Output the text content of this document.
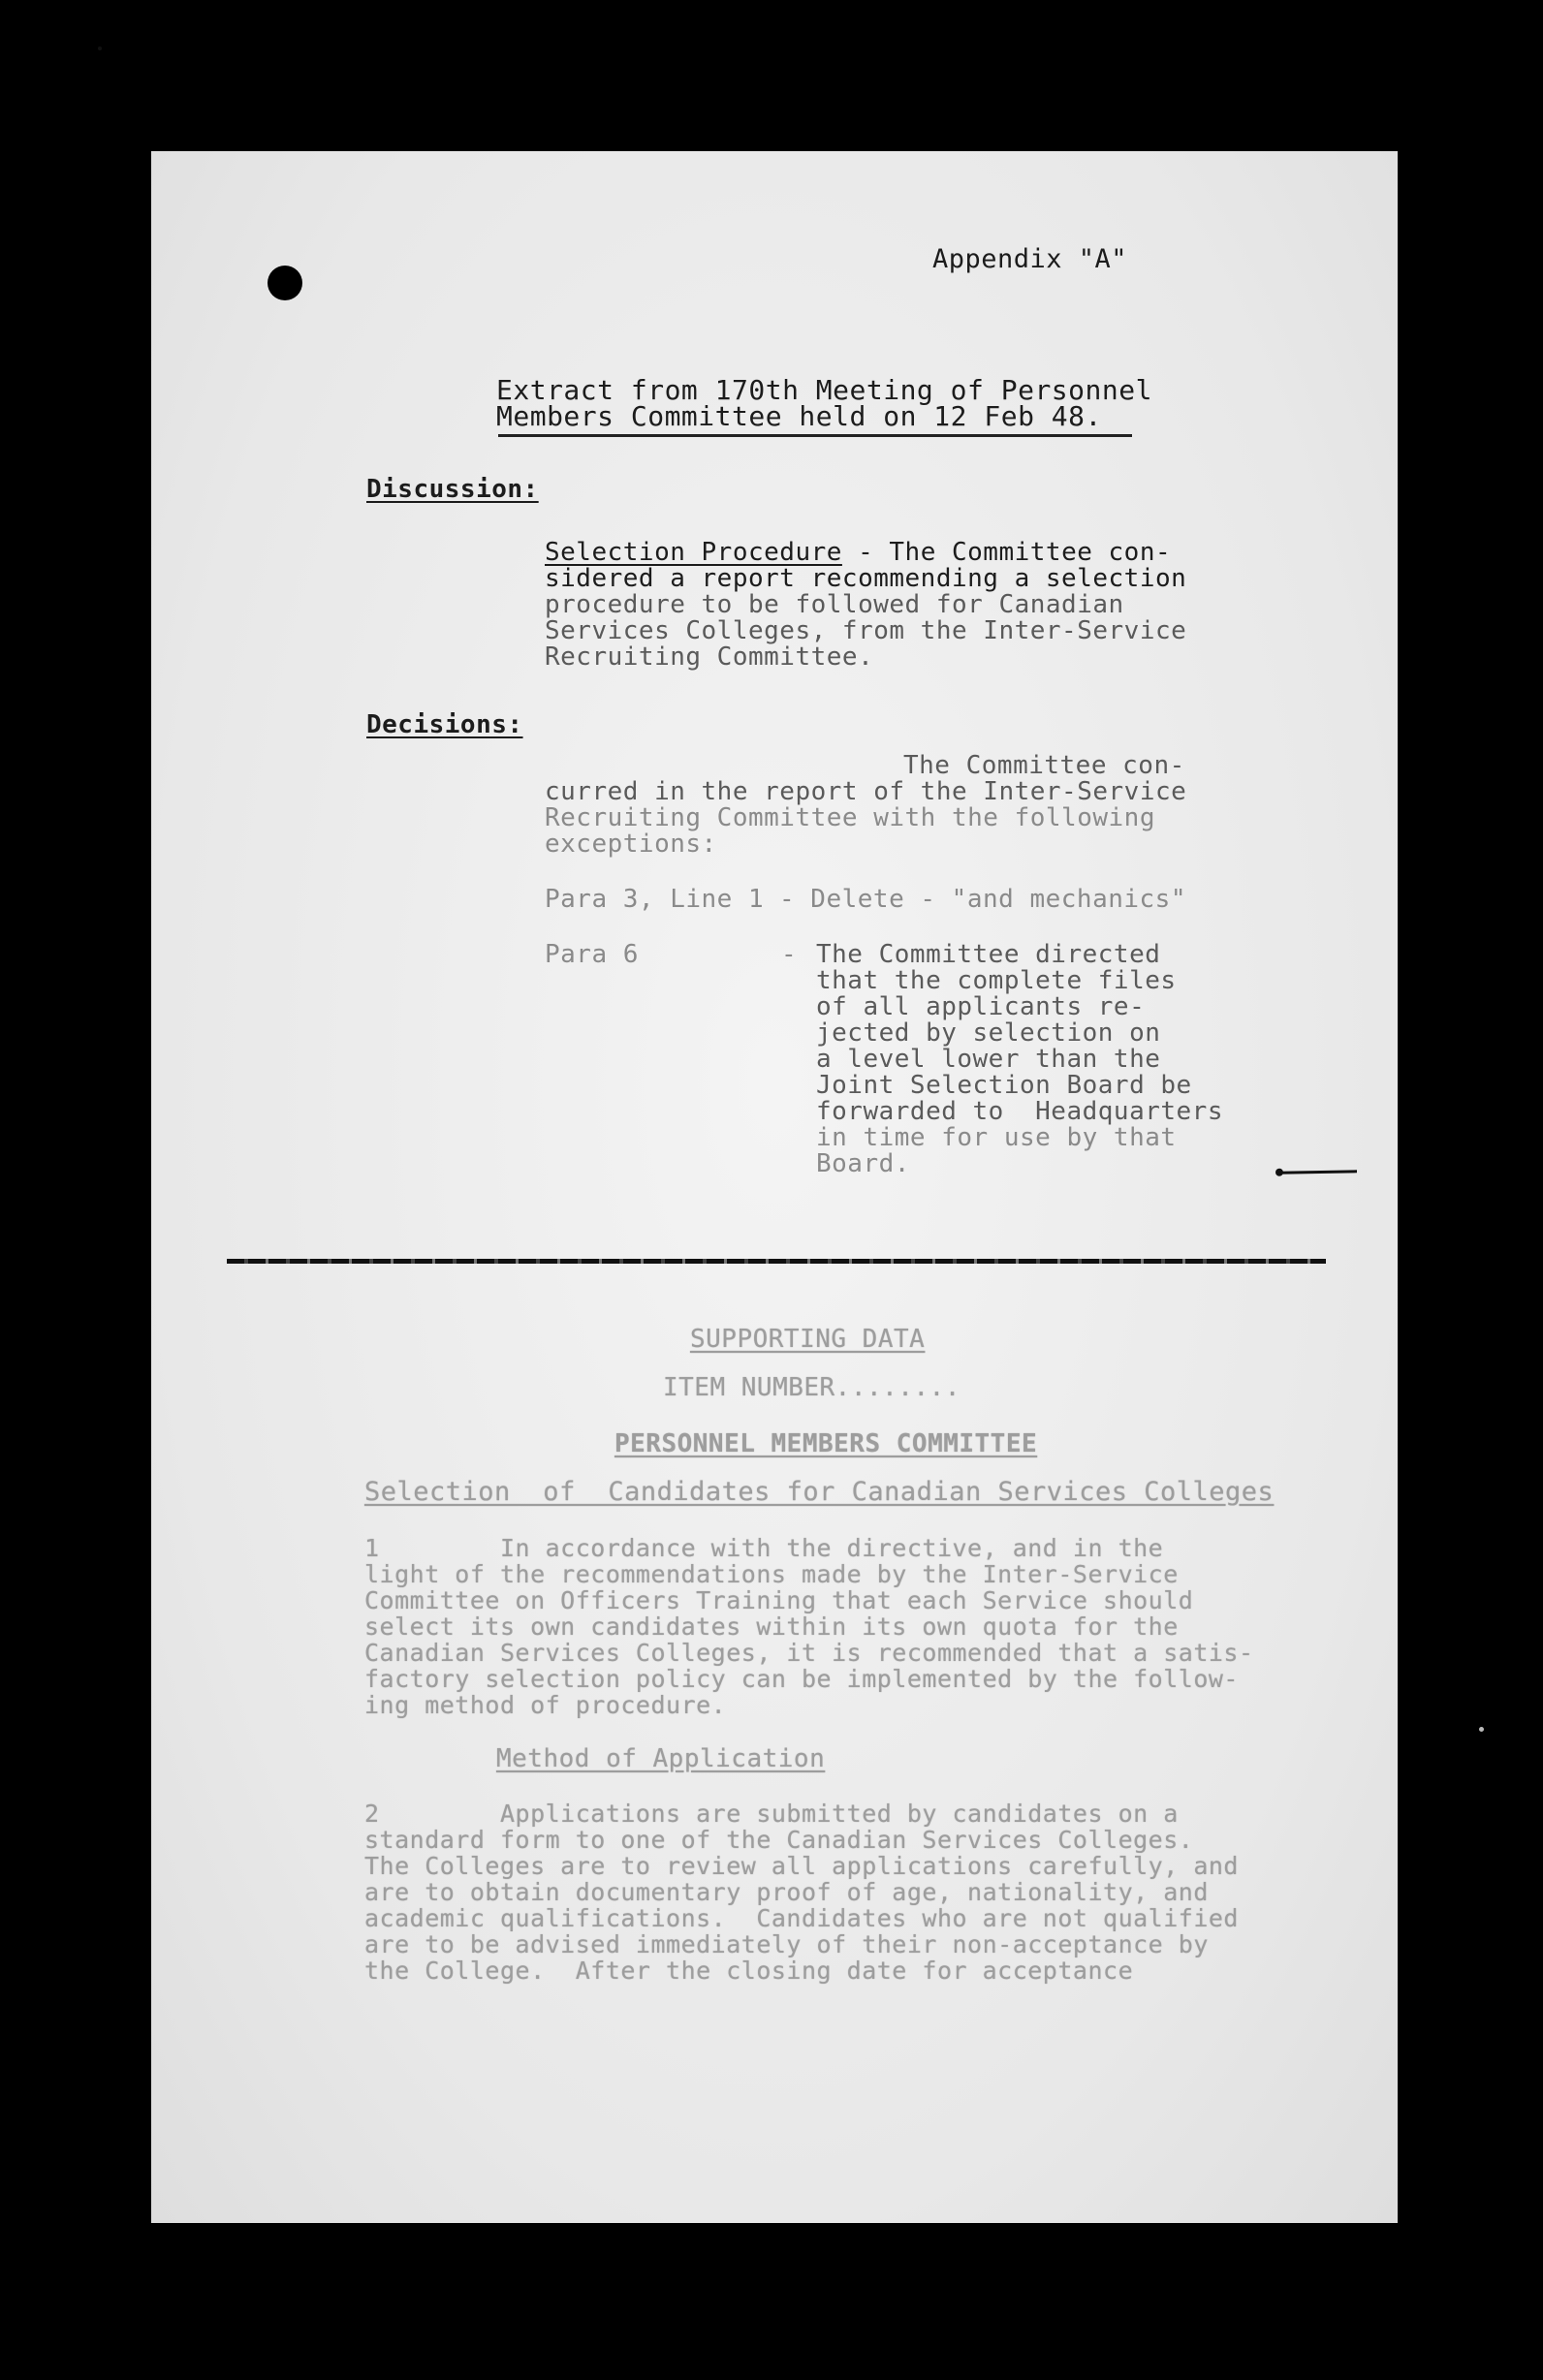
Appendix "A"
Extract from 170th Meeting of Personnel
Members Committee held on 12 Feb 48.
Discussion:
Selection Procedure - The Committee con-
sidered a report recommending a selection
procedure to be followed for Canadian
Services Colleges, from the Inter-Service
Recruiting Committee.
Decisions:
The Committee con-
curred in the report of the Inter-Service
Recruiting Committee with the following
exceptions:
Para 3, Line 1 - Delete - "and mechanics"
Para 6	- The Committee directed
that the complete files
of all applicants re-
jected by selection on
a level lower than the
Joint Selection Board be
forwarded to  Headquarters
in time for use by that
Board.
SUPPORTING DATA
ITEM NUMBER........
PERSONNEL MEMBERS COMMITTEE
Selection  of  Candidates for Canadian Services Colleges
1        In accordance with the directive, and in the
light of the recommendations made by the Inter-Service
Committee on Officers Training that each Service should
select its own candidates within its own quota for the
Canadian Services Colleges, it is recommended that a satis-
factory selection policy can be implemented by the follow-
ing method of procedure.
Method of Application
2        Applications are submitted by candidates on a
standard form to one of the Canadian Services Colleges.
The Colleges are to review all applications carefully, and
are to obtain documentary proof of age, nationality, and
academic qualifications.  Candidates who are not qualified
are to be advised immediately of their non-acceptance by
the College.  After the closing date for acceptance
